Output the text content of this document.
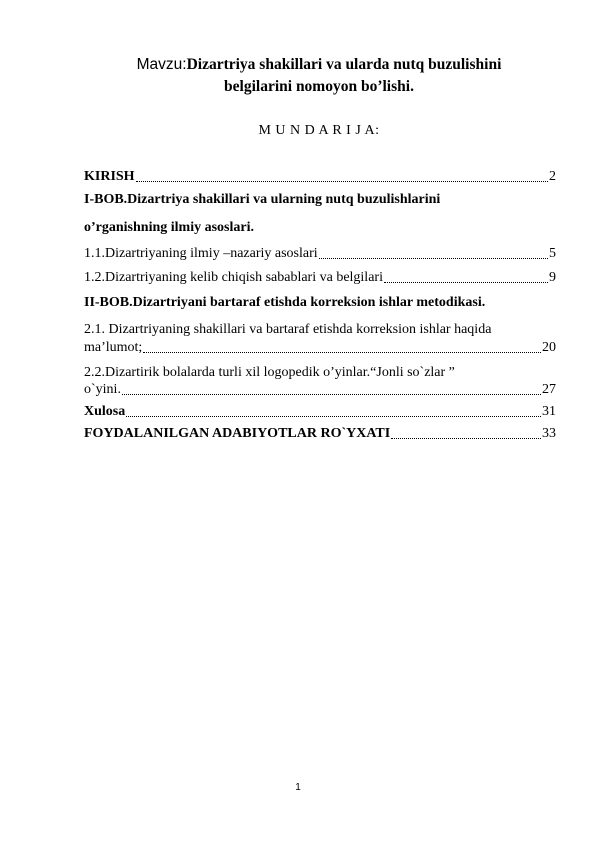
Mavzu:Dizartriya shakillari va ularda nutq buzulishini
belgilarini nomoyon bo’lishi.
M U N D A R I J A:
KIRISH	2
I-BOB.Dizartriya shakillari va ularning nutq buzulishlarini
o’rganishning ilmiy asoslari.
1.1.Dizartriyaning ilmiy –nazariy asoslari	5
1.2.Dizartriyaning kelib chiqish sabablari va belgilari	9
II-BOB.Dizartriyani bartaraf etishda korreksion ishlar metodikasi.
2.1. Dizartriyaning shakillari va bartaraf etishda korreksion ishlar haqida
ma’lumot;	20
2.2.Dizartirik bolalarda turli xil logopedik o’yinlar.“Jonli so`zlar ”
o`yini.	27
Xulosa	31
FOYDALANILGAN ADABIYOTLAR RO`YXATI	33
1
